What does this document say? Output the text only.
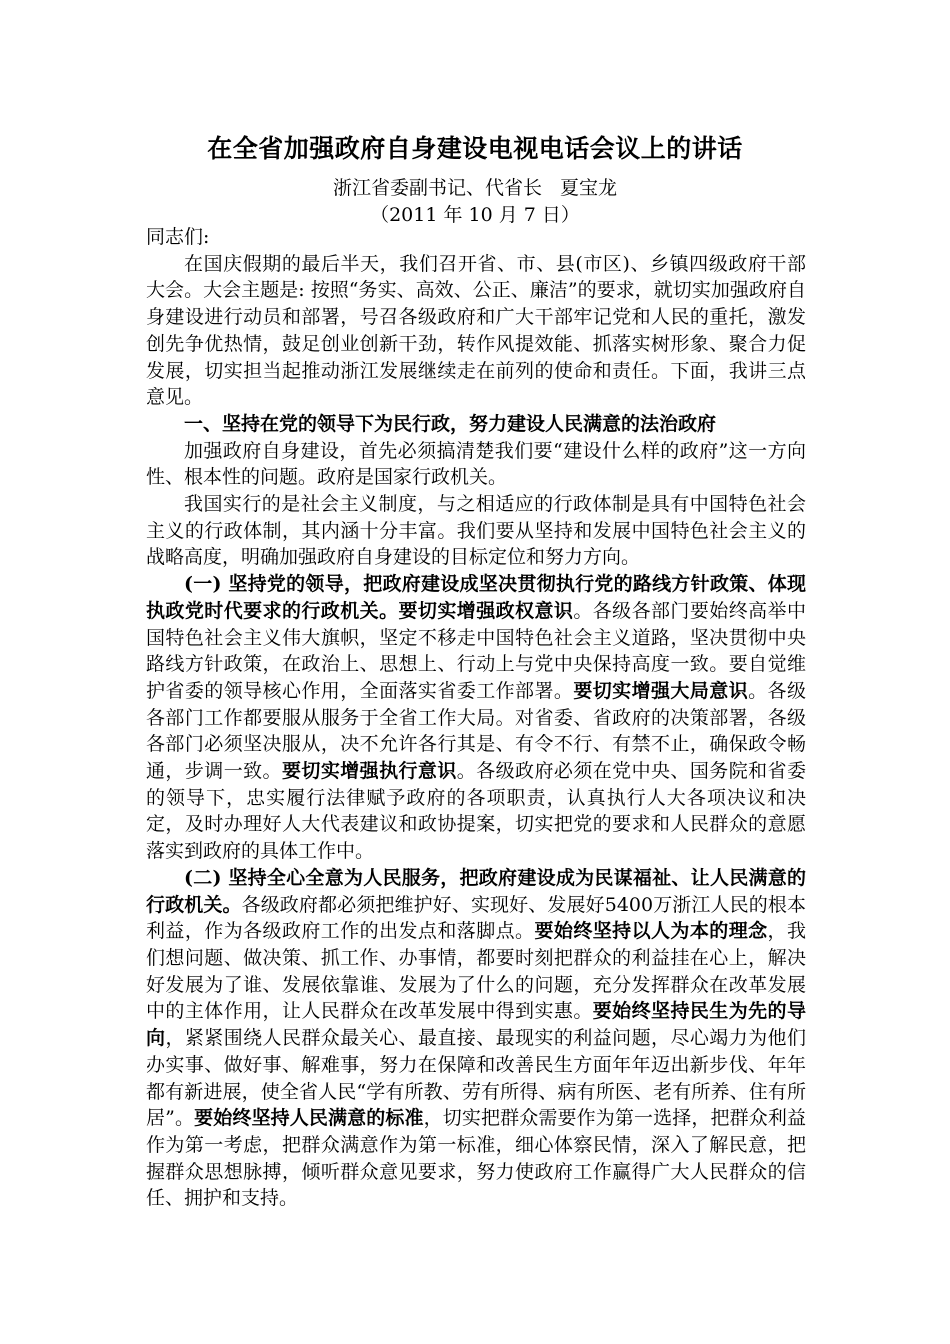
在全省加强政府自身建设电视电话会议上的讲话
浙江省委副书记、代省长   夏宝龙
（2011 年 10 月 7 日）

同志们:

在国庆假期的最后半天，我们召开省、市、县(市区)、乡镇四级政府干部大会。大会主题是: 按照“务实、高效、公正、廉洁”的要求，就切实加强政府自身建设进行动员和部署，号召各级政府和广大干部牢记党和人民的重托，激发创先争优热情，鼓足创业创新干劲，转作风提效能、抓落实树形象、聚合力促发展，切实担当起推动浙江发展继续走在前列的使命和责任。下面，我讲三点意见。

一、坚持在党的领导下为民行政，努力建设人民满意的法治政府

加强政府自身建设，首先必须搞清楚我们要“建设什么样的政府”这一方向性、根本性的问题。政府是国家行政机关。

我国实行的是社会主义制度，与之相适应的行政体制是具有中国特色社会主义的行政体制，其内涵十分丰富。我们要从坚持和发展中国特色社会主义的战略高度，明确加强政府自身建设的目标定位和努力方向。

(一) 坚持党的领导，把政府建设成坚决贯彻执行党的路线方针政策、体现执政党时代要求的行政机关。要切实增强政权意识。各级各部门要始终高举中国特色社会主义伟大旗帜，坚定不移走中国特色社会主义道路，坚决贯彻中央路线方针政策，在政治上、思想上、行动上与党中央保持高度一致。要自觉维护省委的领导核心作用，全面落实省委工作部署。要切实增强大局意识。各级各部门工作都要服从服务于全省工作大局。对省委、省政府的决策部署，各级各部门必须坚决服从，决不允许各行其是、有令不行、有禁不止，确保政令畅通，步调一致。要切实增强执行意识。各级政府必须在党中央、国务院和省委的领导下，忠实履行法律赋予政府的各项职责，认真执行人大各项决议和决定，及时办理好人大代表建议和政协提案，切实把党的要求和人民群众的意愿落实到政府的具体工作中。

(二) 坚持全心全意为人民服务，把政府建设成为民谋福祉、让人民满意的行政机关。各级政府都必须把维护好、实现好、发展好5400万浙江人民的根本利益，作为各级政府工作的出发点和落脚点。要始终坚持以人为本的理念，我们想问题、做决策、抓工作、办事情，都要时刻把群众的利益挂在心上，解决好发展为了谁、发展依靠谁、发展为了什么的问题，充分发挥群众在改革发展中的主体作用，让人民群众在改革发展中得到实惠。要始终坚持民生为先的导向，紧紧围绕人民群众最关心、最直接、最现实的利益问题，尽心竭力为他们办实事、做好事、解难事，努力在保障和改善民生方面年年迈出新步伐、年年都有新进展，使全省人民“学有所教、劳有所得、病有所医、老有所养、住有所居”。要始终坚持人民满意的标准，切实把群众需要作为第一选择，把群众利益作为第一考虑，把群众满意作为第一标准，细心体察民情，深入了解民意，把握群众思想脉搏，倾听群众意见要求，努力使政府工作赢得广大人民群众的信任、拥护和支持。
